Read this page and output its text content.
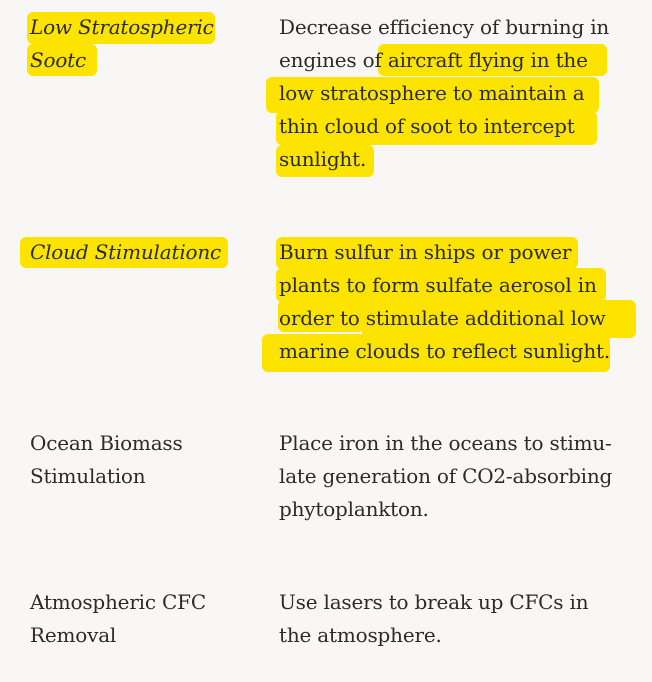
Low Stratospheric
Sootc
Decrease efficiency of burning in
engines of aircraft flying in the
low stratosphere to maintain a
thin cloud of soot to intercept
sunlight.
Cloud Stimulationc	Burn sulfur in ships or power
plants to form sulfate aerosol in
order to stimulate additional low
marine clouds to reflect sunlight.
Ocean Biomass
Stimulation
Place iron in the oceans to stimu-
late generation of CO2-absorbing
phytoplankton.
Atmospheric CFC
Removal
Use lasers to break up CFCs in
the atmosphere.
